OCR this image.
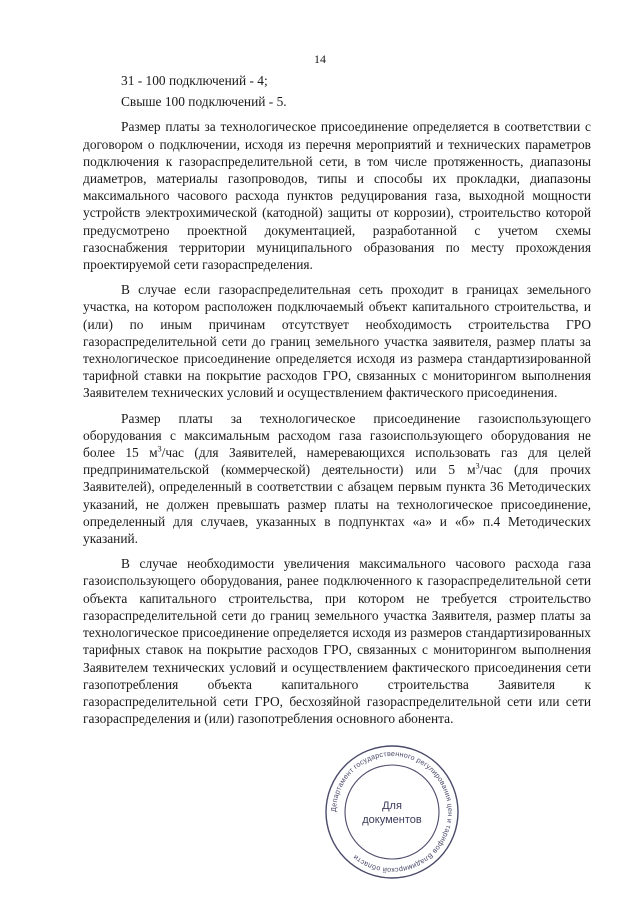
14

31 - 100 подключений - 4;

Свыше 100 подключений - 5.

Размер платы за технологическое присоединение определяется в соответствии с договором о подключении, исходя из перечня мероприятий и технических параметров подключения к газораспределительной сети, в том числе протяженность, диапазоны диаметров, материалы газопроводов, типы и способы их прокладки, диапазоны максимального часового расхода пунктов редуцирования газа, выходной мощности устройств электрохимической (катодной) защиты от коррозии), строительство которой предусмотрено проектной документацией, разработанной с учетом схемы газоснабжения территории муниципального образования по месту прохождения проектируемой сети газораспределения.

В случае если газораспределительная сеть проходит в границах земельного участка, на котором расположен подключаемый объект капитального строительства, и (или) по иным причинам отсутствует необходимость строительства ГРО газораспределительной сети до границ земельного участка заявителя, размер платы за технологическое присоединение определяется исходя из размера стандартизированной тарифной ставки на покрытие расходов ГРО, связанных с мониторингом выполнения Заявителем технических условий и осуществлением фактического присоединения.

Размер платы за технологическое присоединение газоиспользующего оборудования с максимальным расходом газа газоиспользующего оборудования не более 15 $м^3$/час (для Заявителей, намеревающихся использовать газ для целей предпринимательской (коммерческой) деятельности) или 5 $м^3$/час (для прочих Заявителей), определенный в соответствии с абзацем первым пункта 36 Методических указаний, не должен превышать размер платы на технологическое присоединение, определенный для случаев, указанных в подпунктах «а» и «б» п.4 Методических указаний.

В случае необходимости увеличения максимального часового расхода газа газоиспользующего оборудования, ранее подключенного к газораспределительной сети объекта капитального строительства, при котором не требуется строительство газораспределительной сети до границ земельного участка Заявителя, размер платы за технологическое присоединение определяется исходя из размеров стандартизированных тарифных ставок на покрытие расходов ГРО, связанных с мониторингом выполнения Заявителем технических условий и осуществлением фактического присоединения сети газопотребления объекта капитального строительства Заявителя к газораспределительной сети ГРО, бесхозяйной газораспределительной сети или сети газораспределения и (или) газопотребления основного абонента.

Департамент государственного регулирования цен и тарифов Владимирской области
Для
документов
